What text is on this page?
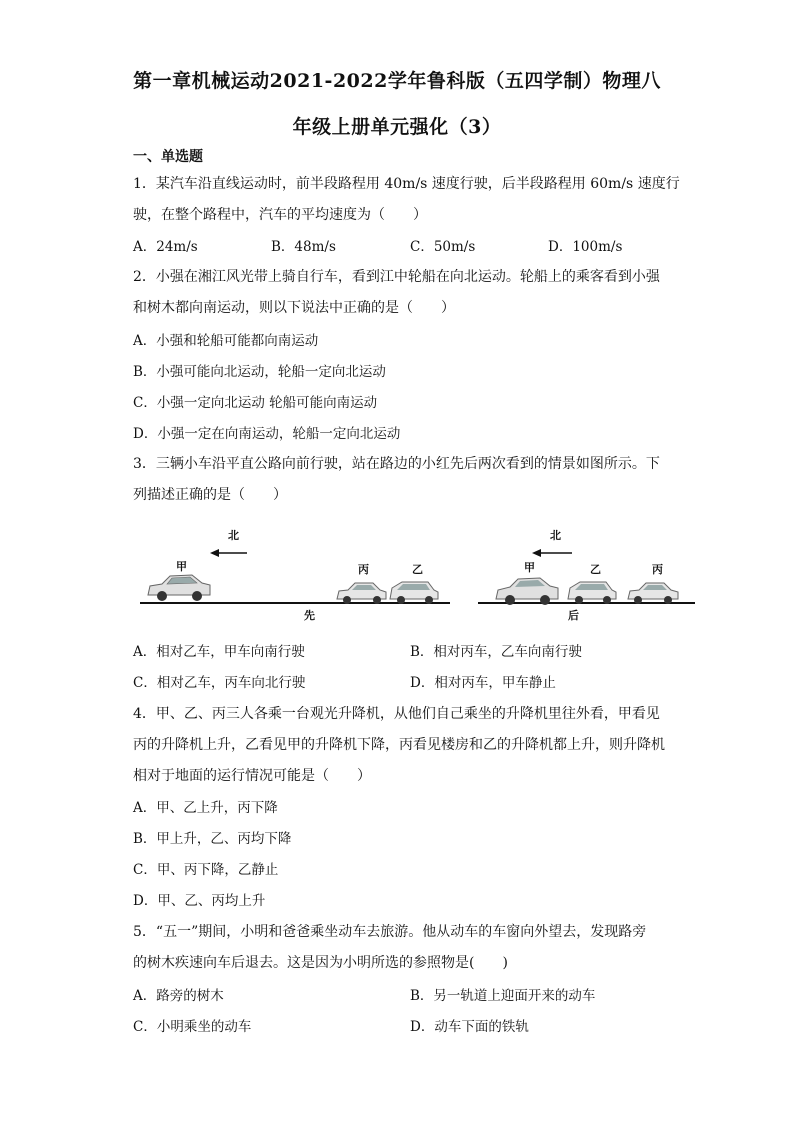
第一章机械运动2021-2022学年鲁科版（五四学制）物理八
年级上册单元强化（3）
一、单选题
1．某汽车沿直线运动时，前半段路程用 40m/s 速度行驶，后半段路程用 60m/s 速度行
驶，在整个路程中，汽车的平均速度为（　　）
A．24m/s	B．48m/s	C．50m/s	D．100m/s
2．小强在湘江风光带上骑自行车，看到江中轮船在向北运动。轮船上的乘客看到小强
和树木都向南运动，则以下说法中正确的是（　　）
A．小强和轮船可能都向南运动
B．小强可能向北运动，轮船一定向北运动
C．小强一定向北运动 轮船可能向南运动
D．小强一定在向南运动，轮船一定向北运动
3．三辆小车沿平直公路向前行驶，站在路边的小红先后两次看到的情景如图所示。下
列描述正确的是（　　）
北
先
甲	丙	乙
北
后
甲	乙	丙
A．相对乙车，甲车向南行驶	B．相对丙车，乙车向南行驶
C．相对乙车，丙车向北行驶	D．相对丙车，甲车静止
4．甲、乙、丙三人各乘一台观光升降机，从他们自己乘坐的升降机里往外看，甲看见
丙的升降机上升，乙看见甲的升降机下降，丙看见楼房和乙的升降机都上升，则升降机
相对于地面的运行情况可能是（　　）
A．甲、乙上升，丙下降
B．甲上升，乙、丙均下降
C．甲、丙下降，乙静止
D．甲、乙、丙均上升
5．“五一”期间，小明和爸爸乘坐动车去旅游。他从动车的车窗向外望去，发现路旁
的树木疾速向车后退去。这是因为小明所选的参照物是(　　)
A．路旁的树木	B．另一轨道上迎面开来的动车
C．小明乘坐的动车	D．动车下面的铁轨
